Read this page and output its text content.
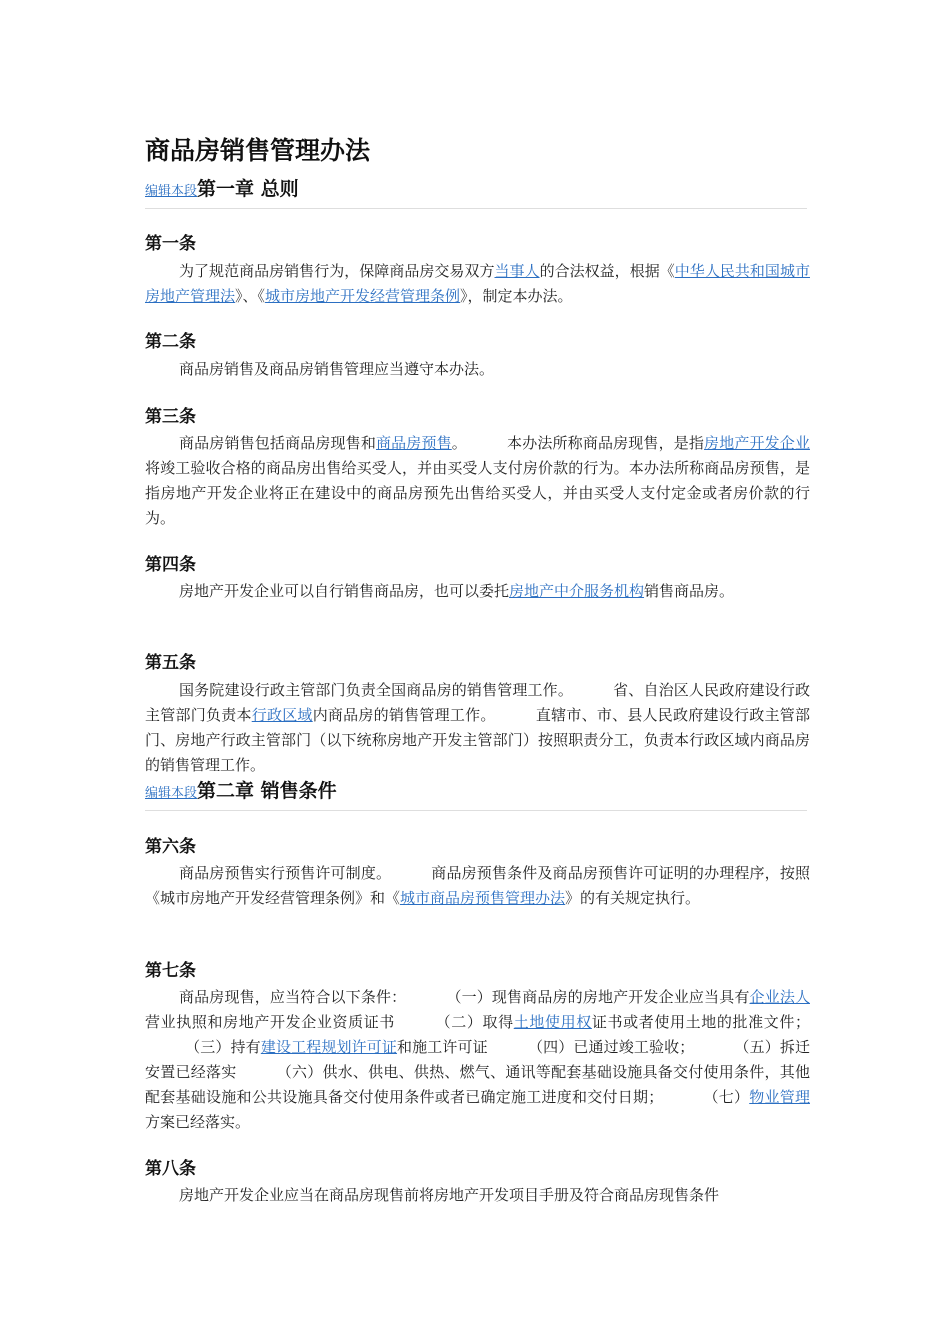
商品房销售管理办法
编辑本段第一章 总则
第一条

为了规范商品房销售行为，保障商品房交易双方当事人的合法权益，根据《中华人民共和国城市房地产管理法》、《城市房地产开发经营管理条例》，制定本办法。

第二条

商品房销售及商品房销售管理应当遵守本办法。

第三条

商品房销售包括商品房现售和商品房预售。	本办法所称商品房现售，是指房地产开发企业将竣工验收合格的商品房出售给买受人，并由买受人支付房价款的行为。本办法所称商品房预售，是指房地产开发企业将正在建设中的商品房预先出售给买受人，并由买受人支付定金或者房价款的行为。

第四条

房地产开发企业可以自行销售商品房，也可以委托房地产中介服务机构销售商品房。

第五条

国务院建设行政主管部门负责全国商品房的销售管理工作。	省、自治区人民政府建设行政主管部门负责本行政区域内商品房的销售管理工作。	直辖市、市、县人民政府建设行政主管部门、房地产行政主管部门（以下统称房地产开发主管部门）按照职责分工，负责本行政区域内商品房的销售管理工作。

编辑本段第二章 销售条件
第六条

商品房预售实行预售许可制度。	商品房预售条件及商品房预售许可证明的办理程序，按照《城市房地产开发经营管理条例》和《城市商品房预售管理办法》的有关规定执行。

第七条

商品房现售，应当符合以下条件：	（一）现售商品房的房地产开发企业应当具有企业法人营业执照和房地产开发企业资质证书	（二）取得土地使用权证书或者使用土地的批准文件；（三）持有建设工程规划许可证和施工许可证	（四）已通过竣工验收；	（五）拆迁安置已经落实	（六）供水、供电、供热、燃气、通讯等配套基础设施具备交付使用条件，其他配套基础设施和公共设施具备交付使用条件或者已确定施工进度和交付日期；	（七）物业管理方案已经落实。

第八条

房地产开发企业应当在商品房现售前将房地产开发项目手册及符合商品房现售条件
